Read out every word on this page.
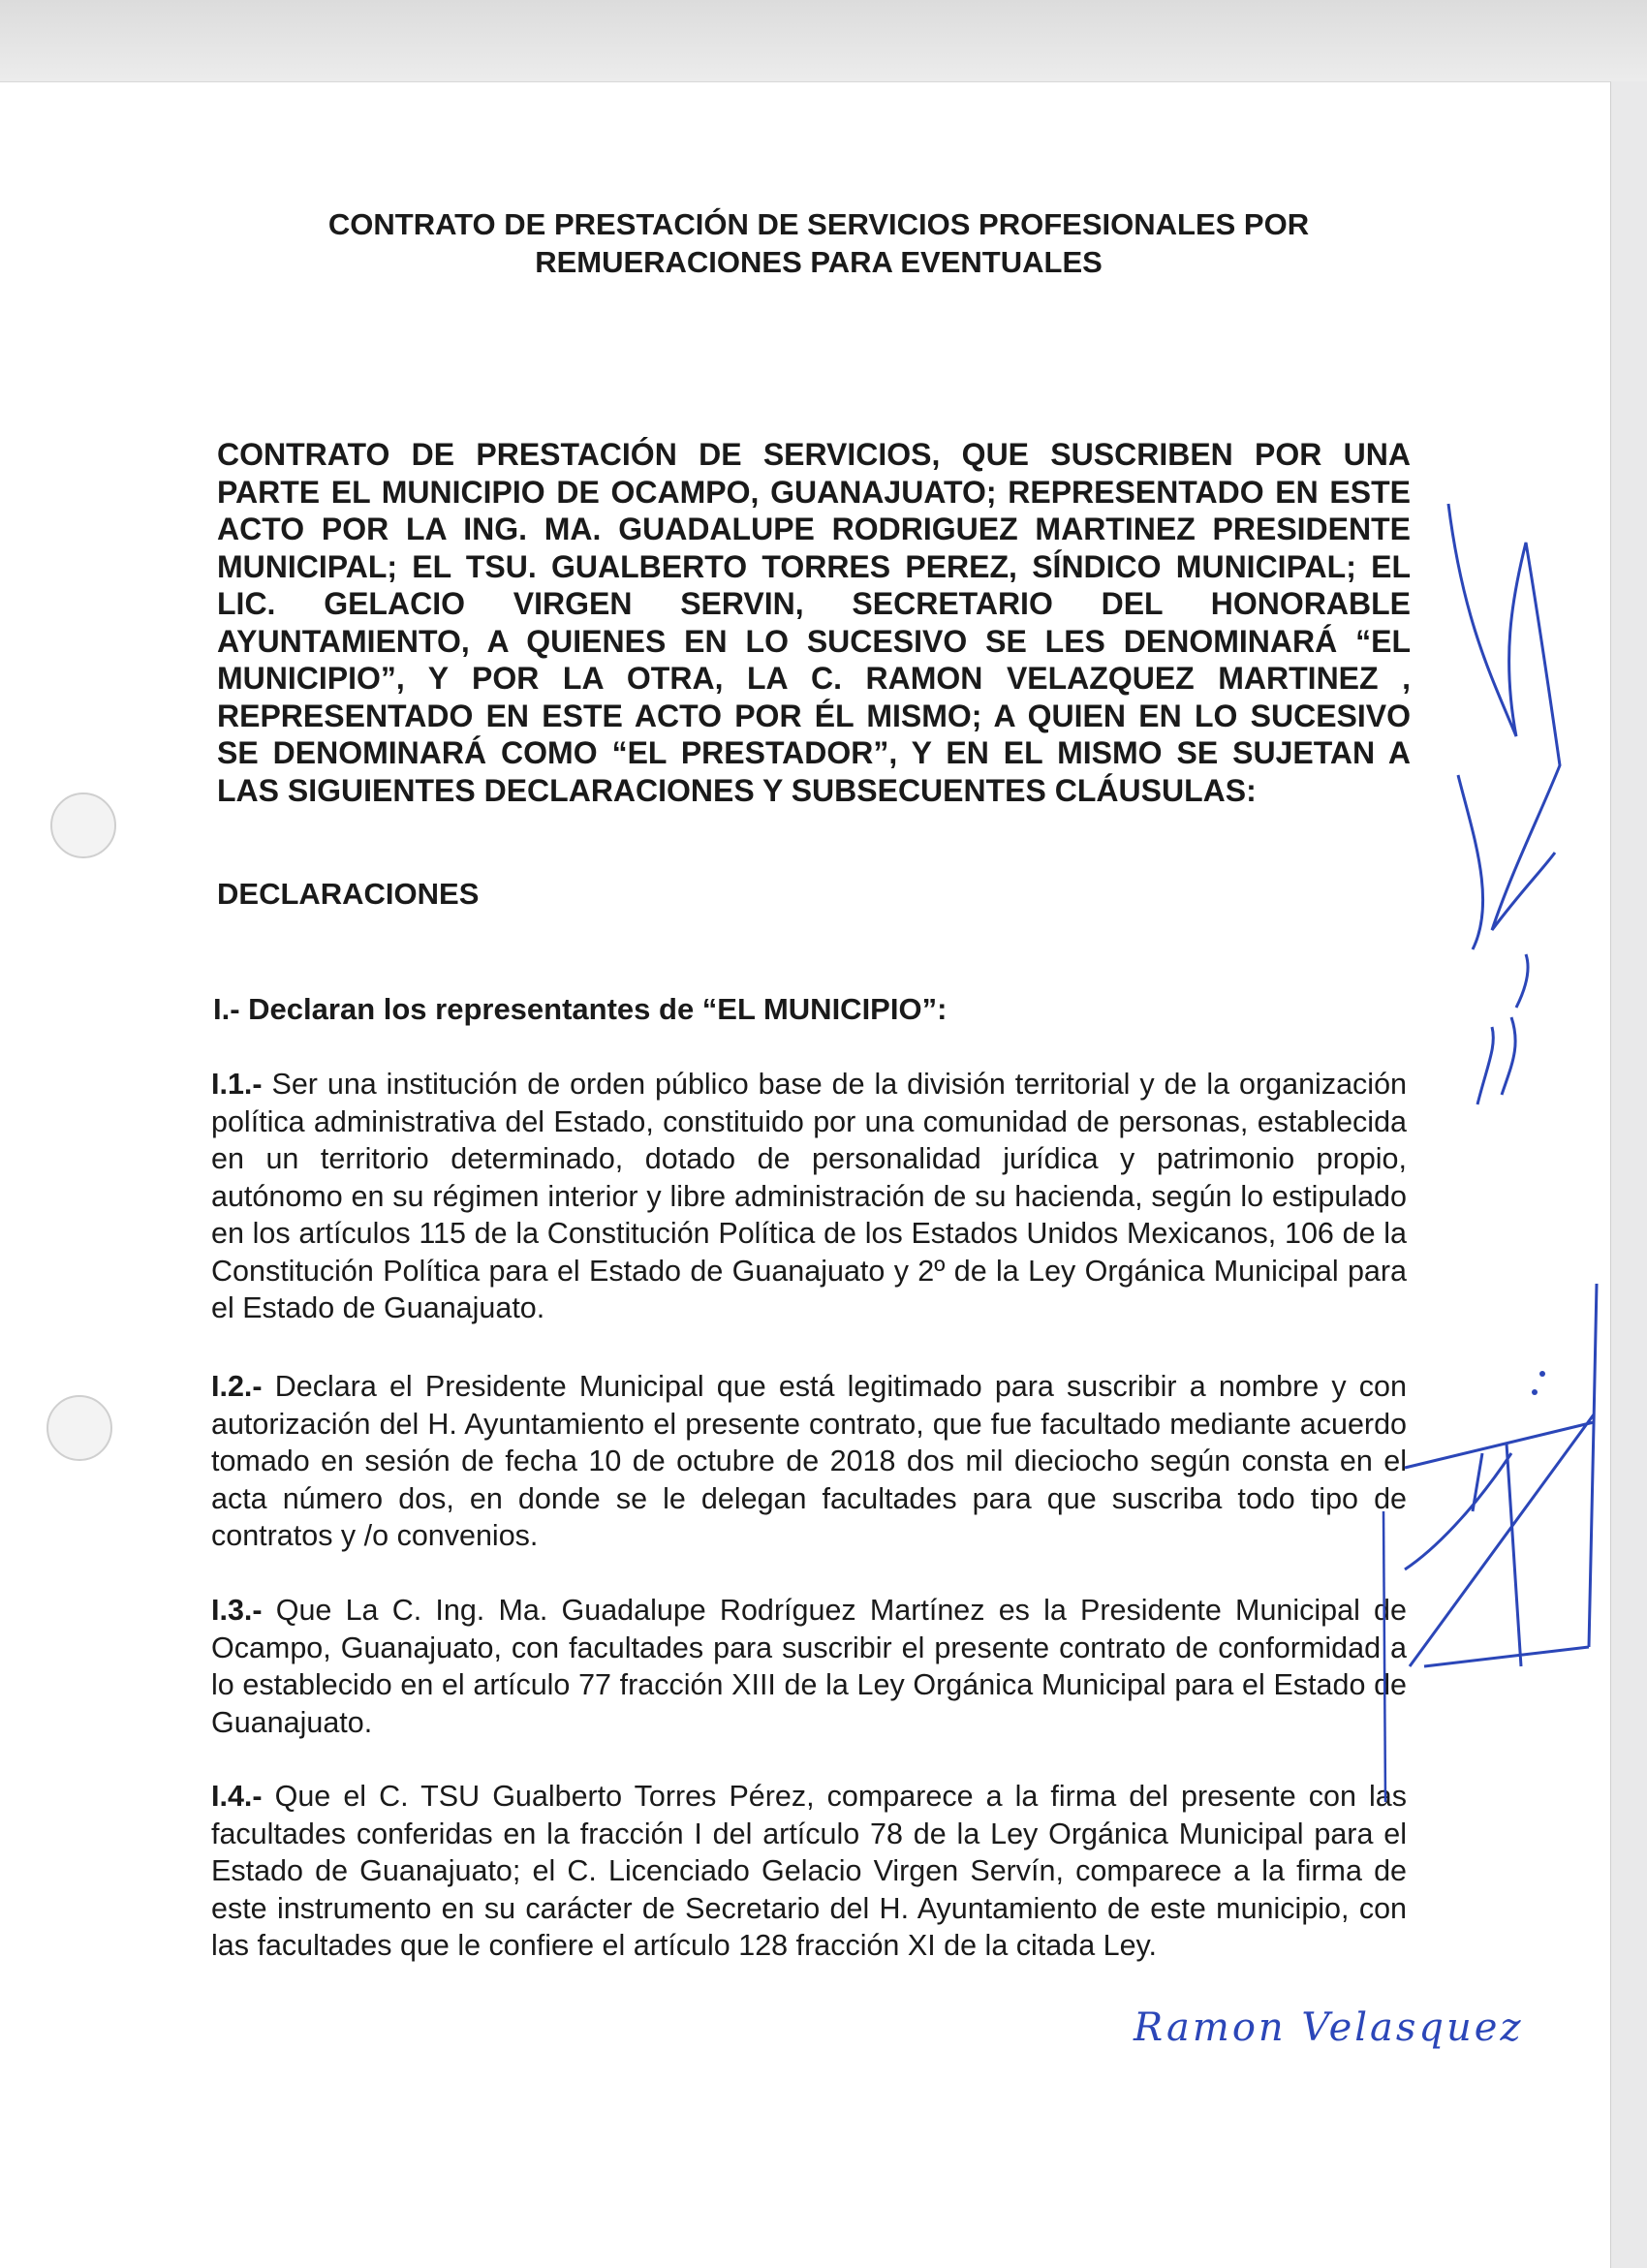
CONTRATO DE PRESTACIÓN DE SERVICIOS PROFESIONALES POR
REMUERACIONES PARA EVENTUALES

CONTRATO DE PRESTACIÓN DE SERVICIOS, QUE SUSCRIBEN POR UNA PARTE EL MUNICIPIO DE OCAMPO, GUANAJUATO; REPRESENTADO EN ESTE ACTO POR LA ING. MA. GUADALUPE RODRIGUEZ MARTINEZ PRESIDENTE MUNICIPAL; EL TSU. GUALBERTO TORRES PEREZ, SÍNDICO MUNICIPAL; EL LIC. GELACIO VIRGEN SERVIN, SECRETARIO DEL HONORABLE AYUNTAMIENTO, A QUIENES EN LO SUCESIVO SE LES DENOMINARÁ “EL MUNICIPIO”, Y POR LA OTRA, LA C. RAMON VELAZQUEZ MARTINEZ , REPRESENTADO EN ESTE ACTO POR ÉL MISMO; A QUIEN EN LO SUCESIVO SE DENOMINARÁ COMO “EL PRESTADOR”, Y EN EL MISMO SE SUJETAN A LAS SIGUIENTES DECLARACIONES Y SUBSECUENTES CLÁUSULAS:

DECLARACIONES
I.- Declaran los representantes de “EL MUNICIPIO”:

I.1.- Ser una institución de orden público base de la división territorial y de la organización política administrativa del Estado, constituido por una comunidad de personas, establecida en un territorio determinado, dotado de personalidad jurídica y patrimonio propio, autónomo en su régimen interior y libre administración de su hacienda, según lo estipulado en los artículos 115 de la Constitución Política de los Estados Unidos Mexicanos, 106 de la Constitución Política para el Estado de Guanajuato y 2º de la Ley Orgánica Municipal para el Estado de Guanajuato.

I.2.- Declara el Presidente Municipal que está legitimado para suscribir a nombre y con autorización del H. Ayuntamiento el presente contrato, que fue facultado mediante acuerdo tomado en sesión de fecha 10 de octubre de 2018 dos mil dieciocho según consta en el acta número dos, en donde se le delegan facultades para que suscriba todo tipo de contratos y /o convenios.

I.3.- Que La C. Ing. Ma. Guadalupe Rodríguez Martínez es la Presidente Municipal de Ocampo, Guanajuato, con facultades para suscribir el presente contrato de conformidad a lo establecido en el artículo 77 fracción XIII de la Ley Orgánica Municipal para el Estado de Guanajuato.

I.4.- Que el C. TSU Gualberto Torres Pérez, comparece a la firma del presente con las facultades conferidas en la fracción I del artículo 78 de la Ley Orgánica Municipal para el Estado de Guanajuato; el C. Licenciado Gelacio Virgen Servín, comparece a la firma de este instrumento en su carácter de Secretario del H. Ayuntamiento de este municipio, con las facultades que le confiere el artículo 128 fracción XI de la citada Ley.

Ramon Velasquez
